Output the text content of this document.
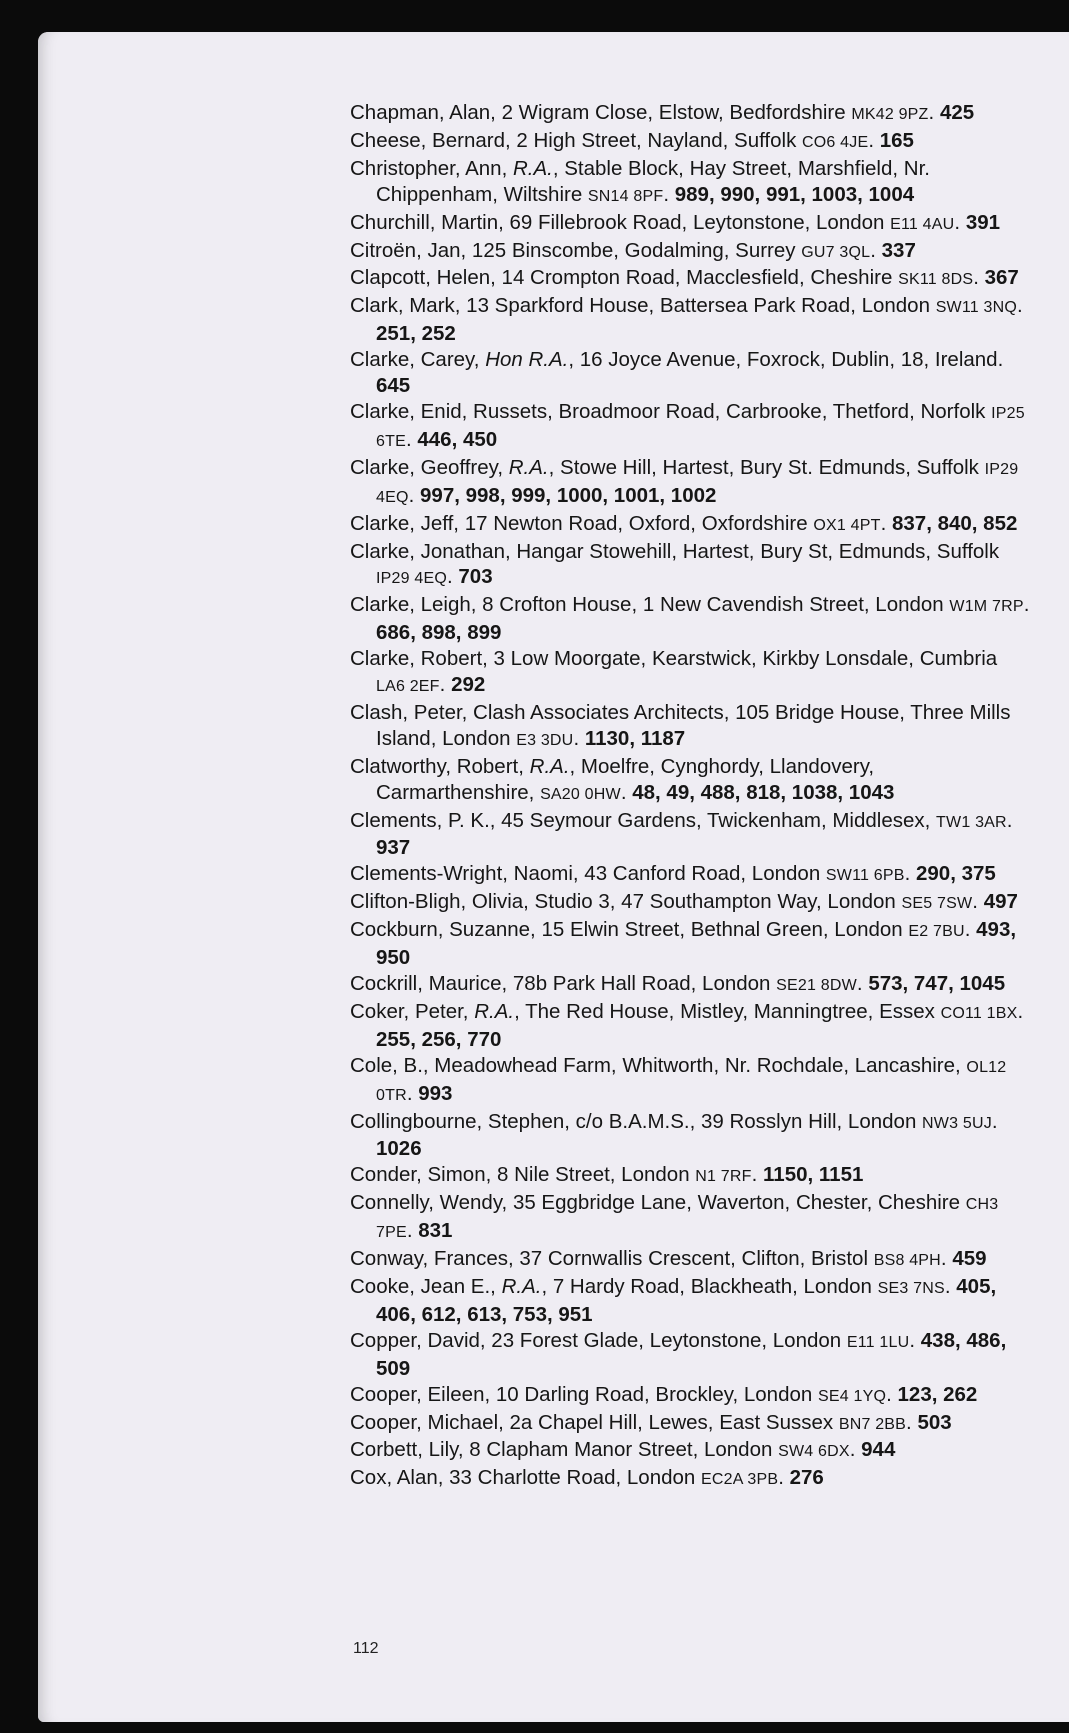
Chapman, Alan, 2 Wigram Close, Elstow, Bedfordshire MK42 9PZ. 425

Cheese, Bernard, 2 High Street, Nayland, Suffolk CO6 4JE. 165

Christopher, Ann, R.A., Stable Block, Hay Street, Marshfield, Nr. Chippenham, Wiltshire SN14 8PF. 989, 990, 991, 1003, 1004

Churchill, Martin, 69 Fillebrook Road, Leytonstone, London E11 4AU. 391

Citroën, Jan, 125 Binscombe, Godalming, Surrey GU7 3QL. 337

Clapcott, Helen, 14 Crompton Road, Macclesfield, Cheshire SK11 8DS. 367

Clark, Mark, 13 Sparkford House, Battersea Park Road, London SW11 3NQ. 251, 252

Clarke, Carey, Hon R.A., 16 Joyce Avenue, Foxrock, Dublin, 18, Ireland. 645

Clarke, Enid, Russets, Broadmoor Road, Carbrooke, Thetford, Norfolk IP25 6TE. 446, 450

Clarke, Geoffrey, R.A., Stowe Hill, Hartest, Bury St. Edmunds, Suffolk IP29 4EQ. 997, 998, 999, 1000, 1001, 1002

Clarke, Jeff, 17 Newton Road, Oxford, Oxfordshire OX1 4PT. 837, 840, 852

Clarke, Jonathan, Hangar Stowehill, Hartest, Bury St, Edmunds, Suffolk IP29 4EQ. 703

Clarke, Leigh, 8 Crofton House, 1 New Cavendish Street, London W1M 7RP. 686, 898, 899

Clarke, Robert, 3 Low Moorgate, Kearstwick, Kirkby Lonsdale, Cumbria LA6 2EF. 292

Clash, Peter, Clash Associates Architects, 105 Bridge House, Three Mills Island, London E3 3DU. 1130, 1187

Clatworthy, Robert, R.A., Moelfre, Cynghordy, Llandovery, Carmarthenshire, SA20 0HW. 48, 49, 488, 818, 1038, 1043

Clements, P. K., 45 Seymour Gardens, Twickenham, Middlesex, TW1 3AR. 937

Clements-Wright, Naomi, 43 Canford Road, London SW11 6PB. 290, 375

Clifton-Bligh, Olivia, Studio 3, 47 Southampton Way, London SE5 7SW. 497

Cockburn, Suzanne, 15 Elwin Street, Bethnal Green, London E2 7BU. 493, 950

Cockrill, Maurice, 78b Park Hall Road, London SE21 8DW. 573, 747, 1045

Coker, Peter, R.A., The Red House, Mistley, Manningtree, Essex CO11 1BX. 255, 256, 770

Cole, B., Meadowhead Farm, Whitworth, Nr. Rochdale, Lancashire, OL12 0TR. 993

Collingbourne, Stephen, c/o B.A.M.S., 39 Rosslyn Hill, London NW3 5UJ. 1026

Conder, Simon, 8 Nile Street, London N1 7RF. 1150, 1151

Connelly, Wendy, 35 Eggbridge Lane, Waverton, Chester, Cheshire CH3 7PE. 831

Conway, Frances, 37 Cornwallis Crescent, Clifton, Bristol BS8 4PH. 459

Cooke, Jean E., R.A., 7 Hardy Road, Blackheath, London SE3 7NS. 405, 406, 612, 613, 753, 951

Copper, David, 23 Forest Glade, Leytonstone, London E11 1LU. 438, 486, 509

Cooper, Eileen, 10 Darling Road, Brockley, London SE4 1YQ. 123, 262

Cooper, Michael, 2a Chapel Hill, Lewes, East Sussex BN7 2BB. 503

Corbett, Lily, 8 Clapham Manor Street, London SW4 6DX. 944

Cox, Alan, 33 Charlotte Road, London EC2A 3PB. 276

112
